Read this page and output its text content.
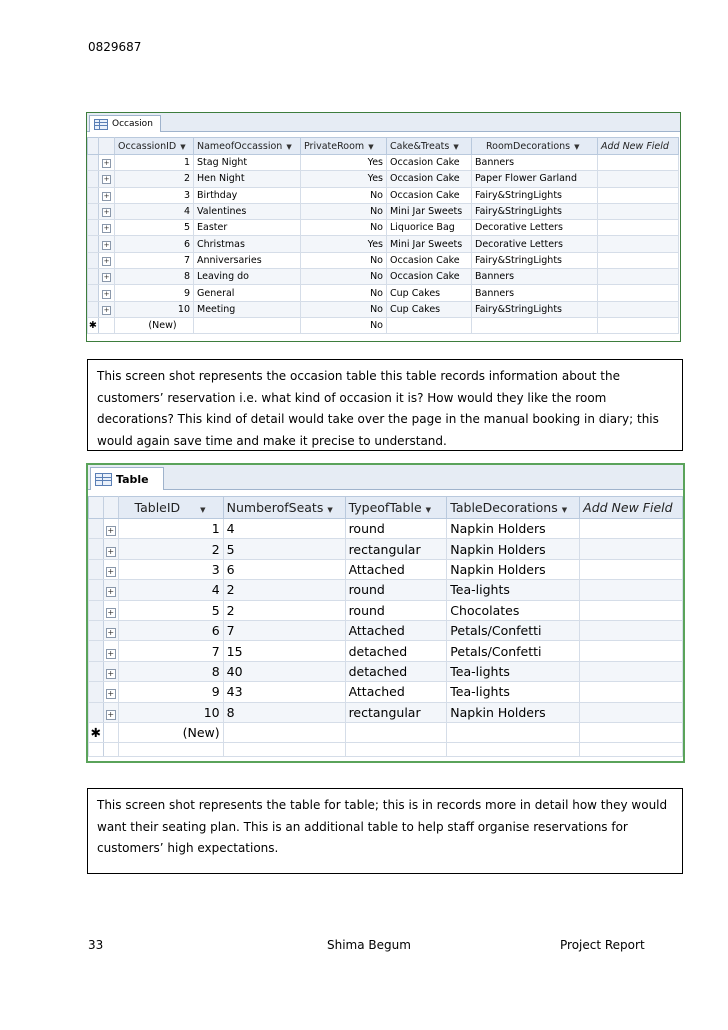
0829687
Occasion
		OccassionID ▼	NameofOccassion ▼	PrivateRoom ▼	Cake&Treats ▼	RoomDecorations ▼	Add New Field
	+	1	Stag Night	Yes	Occasion Cake	Banners	
	+	2	Hen Night	Yes	Occasion Cake	Paper Flower Garland	
	+	3	Birthday	No	Occasion Cake	Fairy&StringLights	
	+	4	Valentines	No	Mini Jar Sweets	Fairy&StringLights	
	+	5	Easter	No	Liquorice Bag	Decorative Letters	
	+	6	Christmas	Yes	Mini Jar Sweets	Decorative Letters	
	+	7	Anniversaries	No	Occasion Cake	Fairy&StringLights	
	+	8	Leaving do	No	Occasion Cake	Banners	
	+	9	General	No	Cup Cakes	Banners	
	+	10	Meeting	No	Cup Cakes	Fairy&StringLights	
✱		(New)		No			
This screen shot represents the occasion table this table records information about the customers’ reservation i.e. what kind of occasion it is? How would they like the room decorations? This kind of detail would take over the page in the manual booking in diary; this would again save time and make it precise to understand.
Table
		TableID ▼	NumberofSeats ▼	TypeofTable ▼	TableDecorations ▼	Add New Field
	+	1	4	round	Napkin Holders	
	+	2	5	rectangular	Napkin Holders	
	+	3	6	Attached	Napkin Holders	
	+	4	2	round	Tea-lights	
	+	5	2	round	Chocolates	
	+	6	7	Attached	Petals/Confetti	
	+	7	15	detached	Petals/Confetti	
	+	8	40	detached	Tea-lights	
	+	9	43	Attached	Tea-lights	
	+	10	8	rectangular	Napkin Holders	
✱		(New)				

This screen shot represents the table for table; this is in records more in detail how they would want their seating plan. This is an additional table to help staff organise reservations for customers’ high expectations.
33	Shima Begum	Project Report
